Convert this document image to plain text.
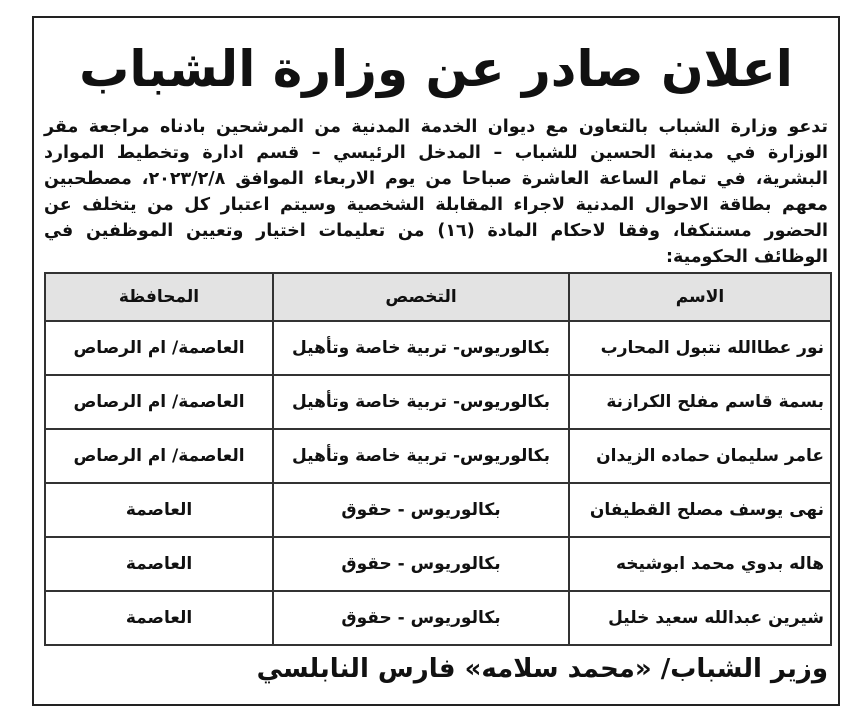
اعلان صادر عن وزارة الشباب
تدعو وزارة الشباب بالتعاون مع ديوان الخدمة المدنية من المرشحين بادناه مراجعة مقر الوزارة في مدينة الحسين للشباب – المدخل الرئيسي – قسم ادارة وتخطيط الموارد البشرية، في تمام الساعة العاشرة صباحا من يوم الاربعاء الموافق ٢٠٢٣/٢/٨، مصطحبين معهم بطاقة الاحوال المدنية لاجراء المقابلة الشخصية وسيتم اعتبار كل من يتخلف عن الحضور مستنكفا، وفقا لاحكام المادة (١٦) من تعليمات اختيار وتعيين الموظفين في الوظائف الحكومية:
الاسم	التخصص	المحافظة
نور عطاالله نتبول المحارب	بكالوريوس- تربية خاصة وتأهيل	العاصمة/ ام الرصاص
بسمة قاسم مفلح الكرازنة	بكالوريوس- تربية خاصة وتأهيل	العاصمة/ ام الرصاص
عامر سليمان حماده الزيدان	بكالوريوس- تربية خاصة وتأهيل	العاصمة/ ام الرصاص
نهى يوسف مصلح القطيفان	بكالوريوس - حقوق	العاصمة
هاله بدوي محمد ابوشيخه	بكالوريوس - حقوق	العاصمة
شيرين عبدالله سعيد خليل	بكالوريوس - حقوق	العاصمة
وزير الشباب/ «محمد سلامه» فارس النابلسي
